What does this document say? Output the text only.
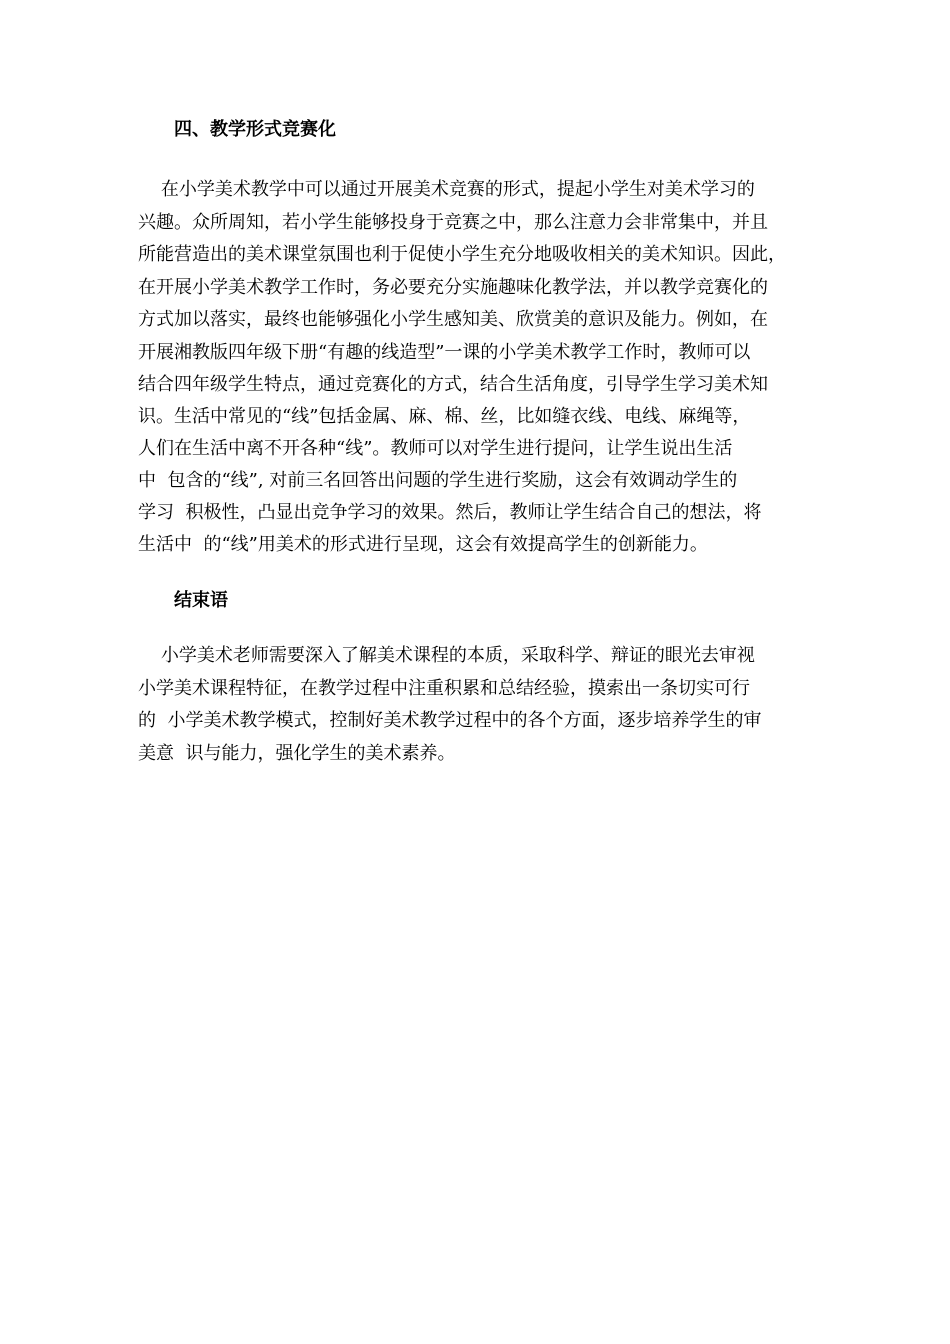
四、教学形式竞赛化
在小学美术教学中可以通过开展美术竞赛的形式，提起小学生对美术学习的
兴趣。众所周知，若小学生能够投身于竞赛之中，那么注意力会非常集中，并且
所能营造出的美术课堂氛围也利于促使小学生充分地吸收相关的美术知识。因此，
在开展小学美术教学工作时，务必要充分实施趣味化教学法，并以教学竞赛化的
方式加以落实，最终也能够强化小学生感知美、欣赏美的意识及能力。例如，在
开展湘教版四年级下册“有趣的线造型”一课的小学美术教学工作时，教师可以
结合四年级学生特点，通过竞赛化的方式，结合生活角度，引导学生学习美术知
识。生活中常见的“线”包括金属、麻、棉、丝，比如缝衣线、电线、麻绳等，
人们在生活中离不开各种“线”。教师可以对学生进行提问，让学生说出生活
中  包含的“线”, 对前三名回答出问题的学生进行奖励，这会有效调动学生的
学习  积极性，凸显出竞争学习的效果。然后，教师让学生结合自己的想法，将
生活中  的“线”用美术的形式进行呈现，这会有效提高学生的创新能力。
结束语
小学美术老师需要深入了解美术课程的本质，采取科学、辩证的眼光去审视
小学美术课程特征，在教学过程中注重积累和总结经验，摸索出一条切实可行
的  小学美术教学模式，控制好美术教学过程中的各个方面，逐步培养学生的审
美意  识与能力，强化学生的美术素养。
